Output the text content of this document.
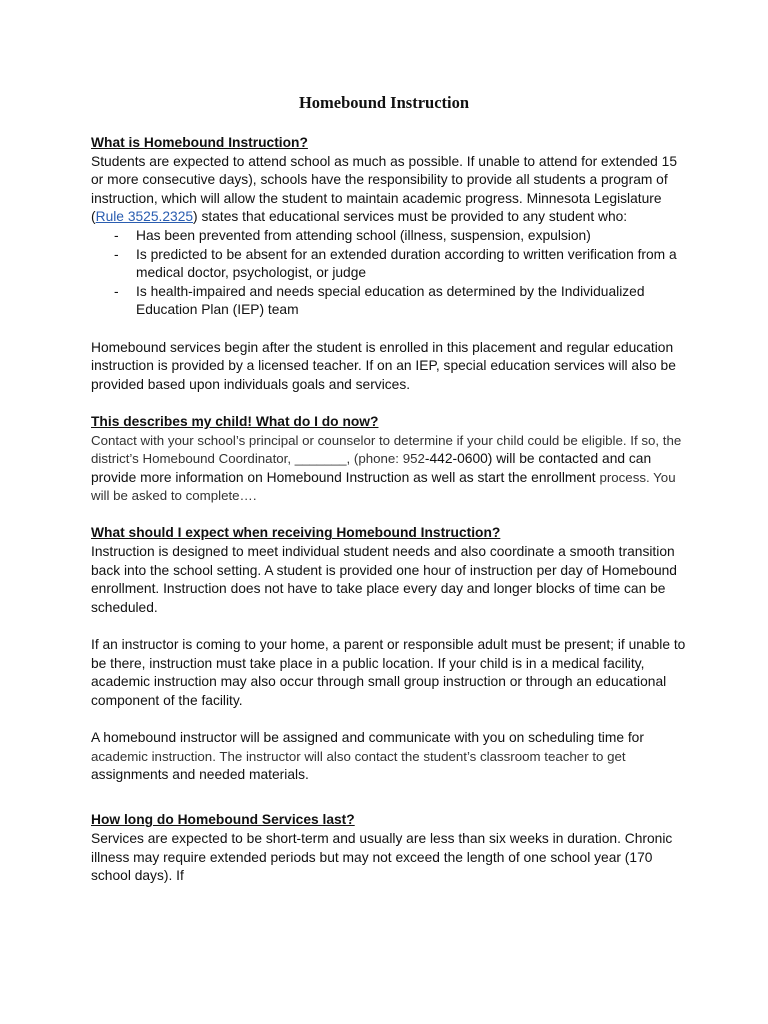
Homebound Instruction

What is Homebound Instruction?

Students are expected to attend school as much as possible. If unable to attend for extended 15 or more consecutive days), schools have the responsibility to provide all students a program of instruction, which will allow the student to maintain academic progress. Minnesota Legislature (Rule 3525.2325) states that educational services must be provided to any student who:

- Has been prevented from attending school (illness, suspension, expulsion)
- Is predicted to be absent for an extended duration according to written verification from a medical doctor, psychologist, or judge
- Is health-impaired and needs special education as determined by the Individualized Education Plan (IEP) team

Homebound services begin after the student is enrolled in this placement and regular education instruction is provided by a licensed teacher. If on an IEP, special education services will also be provided based upon individuals goals and services.

This describes my child! What do I do now?

Contact with your school’s principal or counselor to determine if your child could be eligible. If so, the district’s Homebound Coordinator, _______, (phone: 952-442-0600) will be contacted and can provide more information on Homebound Instruction as well as start the enrollment process. You will be asked to complete….

What should I expect when receiving Homebound Instruction?

Instruction is designed to meet individual student needs and also coordinate a smooth transition back into the school setting. A student is provided one hour of instruction per day of Homebound enrollment. Instruction does not have to take place every day and longer blocks of time can be scheduled.

If an instructor is coming to your home, a parent or responsible adult must be present; if unable to be there, instruction must take place in a public location. If your child is in a medical facility, academic instruction may also occur through small group instruction or through an educational component of the facility.

A homebound instructor will be assigned and communicate with you on scheduling time for academic instruction. The instructor will also contact the student’s classroom teacher to get assignments and needed materials.

How long do Homebound Services last?

Services are expected to be short-term and usually are less than six weeks in duration. Chronic illness may require extended periods but may not exceed the length of one school year (170 school days). If
